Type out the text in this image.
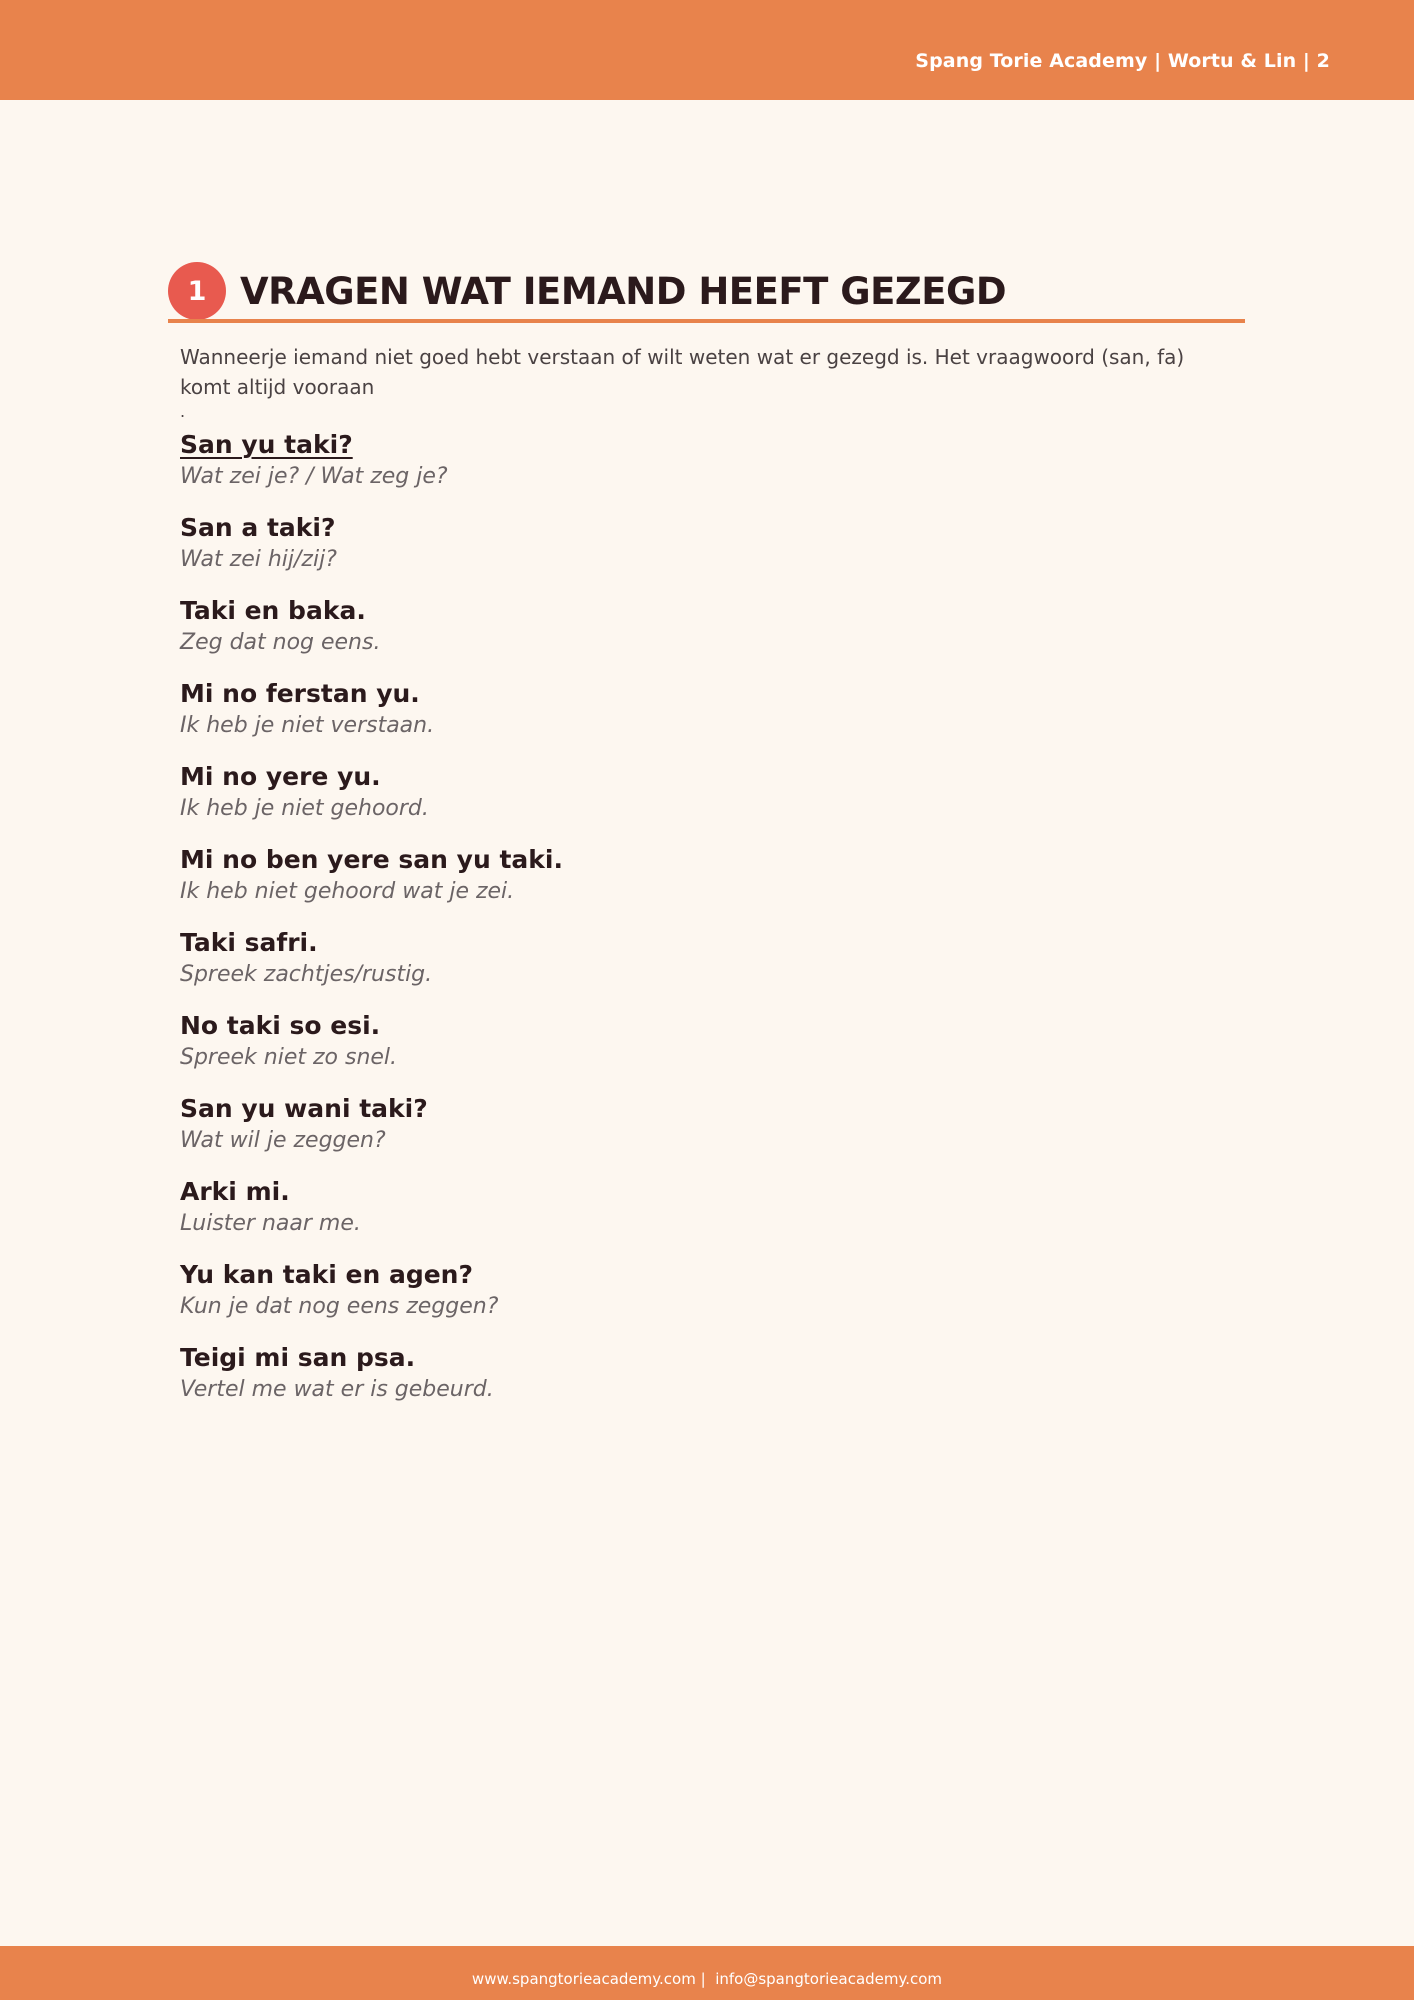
Spang Torie Academy | Wortu & Lin | 2
1 VRAGEN WAT IEMAND HEEFT GEZEGD
Wanneerje iemand niet goed hebt verstaan of wilt weten wat er gezegd is. Het vraagwoord (san, fa) komt altijd vooraan
.
San yu taki?
Wat zei je? / Wat zeg je?
San a taki?
Wat zei hij/zij?
Taki en baka.
Zeg dat nog eens.
Mi no ferstan yu.
Ik heb je niet verstaan.
Mi no yere yu.
Ik heb je niet gehoord.
Mi no ben yere san yu taki.
Ik heb niet gehoord wat je zei.
Taki safri.
Spreek zachtjes/rustig.
No taki so esi.
Spreek niet zo snel.
San yu wani taki?
Wat wil je zeggen?
Arki mi.
Luister naar me.
Yu kan taki en agen?
Kun je dat nog eens zeggen?
Teigi mi san psa.
Vertel me wat er is gebeurd.
www.spangtorieacademy.com |  info@spangtorieacademy.com
